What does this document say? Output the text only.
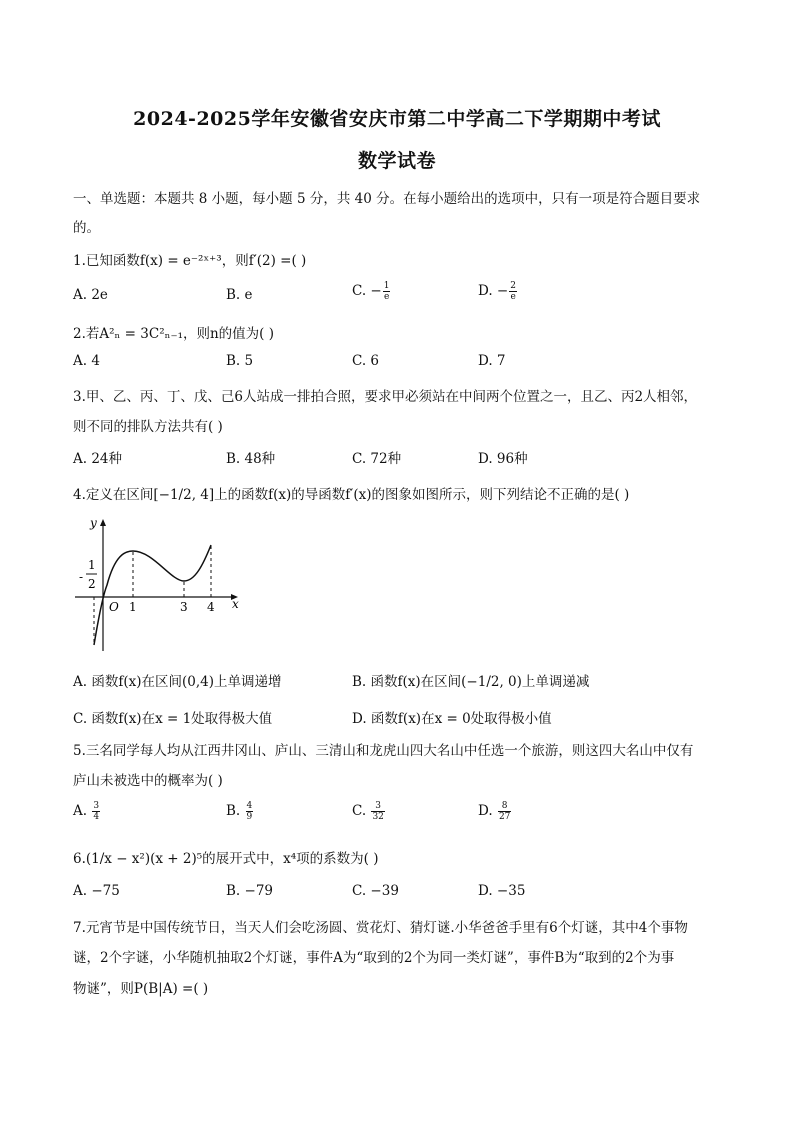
2024-2025学年安徽省安庆市第二中学高二下学期期中考试
数学试卷
一、单选题：本题共 8 小题，每小题 5 分，共 40 分。在每小题给出的选项中，只有一项是符合题目要求
的。
1.已知函数f(x) = e⁻²ˣ⁺³，则f′(2) =( )
A. 2e	B. e	C. − $\frac{1}{e}$	D. − $\frac{2}{e}$
2.若A²ₙ = 3C²ₙ₋₁，则n的值为( )
A. 4	B. 5	C. 6	D. 7
3.甲、乙、丙、丁、戊、己6人站成一排拍合照，要求甲必须站在中间两个位置之一，且乙、丙2人相邻，
则不同的排队方法共有( )
A. 24种	B. 48种	C. 72种	D. 96种
4.定义在区间[−1/2, 4]上的函数f(x)的导函数f′(x)的图象如图所示，则下列结论不正确的是( )
y
x
O 1	3 4
-
1
2
A. 函数f(x)在区间(0,4)上单调递增	B. 函数f(x)在区间(−1/2, 0)上单调递减
C. 函数f(x)在x = 1处取得极大值	D. 函数f(x)在x = 0处取得极小值
5.三名同学每人均从江西井冈山、庐山、三清山和龙虎山四大名山中任选一个旅游，则这四大名山中仅有
庐山未被选中的概率为( )
A. $\frac{3}{4}$	B. $\frac{4}{9}$	C. $\frac{3}{32}$	D. $\frac{8}{27}$
6.(1/x − x²)(x + 2)⁵的展开式中，x⁴项的系数为( )
A. −75	B. −79	C. −39	D. −35
7.元宵节是中国传统节日，当天人们会吃汤圆、赏花灯、猜灯谜.小华爸爸手里有6个灯谜，其中4个事物
谜，2个字谜，小华随机抽取2个灯谜，事件A为“取到的2个为同一类灯谜”，事件B为“取到的2个为事
物谜”，则P(B|A) =( )
